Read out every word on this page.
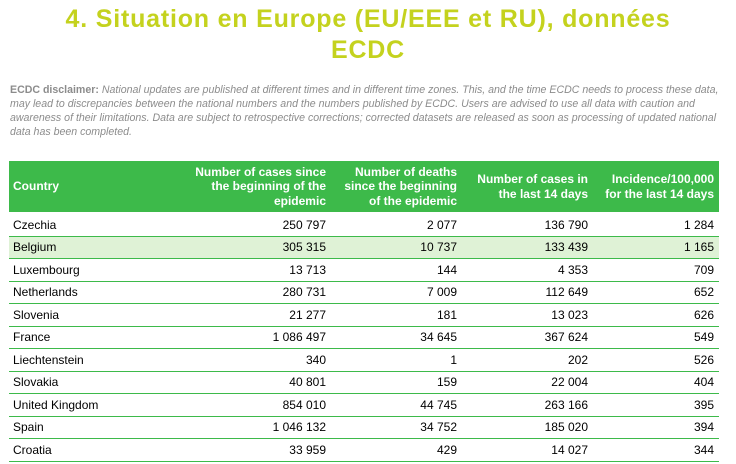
4. Situation en Europe (EU/EEE et RU), données
ECDC
ECDC disclaimer: National updates are published at different times and in different time zones. This, and the time ECDC needs to process these data, may lead to discrepancies between the national numbers and the numbers published by ECDC. Users are advised to use all data with caution and awareness of their limitations. Data are subject to retrospective corrections; corrected datasets are released as soon as processing of updated national data has been completed.
Country	Number of cases since the beginning of the epidemic	Number of deaths since the beginning of the epidemic	Number of cases in the last 14 days	Incidence/100,000 for the last 14 days
Czechia	250 797	2 077	136 790	1 284
Belgium	305 315	10 737	133 439	1 165
Luxembourg	13 713	144	4 353	709
Netherlands	280 731	7 009	112 649	652
Slovenia	21 277	181	13 023	626
France	1 086 497	34 645	367 624	549
Liechtenstein	340	1	202	526
Slovakia	40 801	159	22 004	404
United Kingdom	854 010	44 745	263 166	395
Spain	1 046 132	34 752	185 020	394
Croatia	33 959	429	14 027	344
